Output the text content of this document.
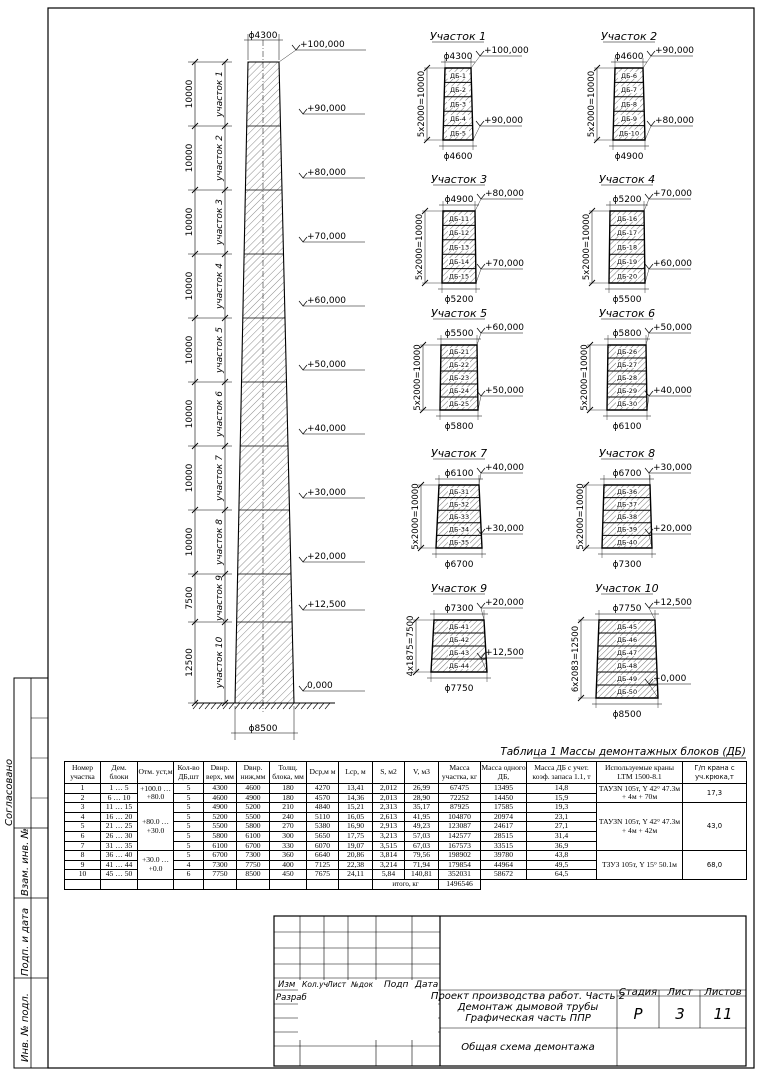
Согласовано
Взам. инв. №
Подп. и дата
Инв. № подл.
ϕ4300
ϕ8500
+100,000
+90,000
+80,000
+70,000
+60,000
+50,000
+40,000
+30,000
+20,000
+12,500
0,000
10000 участок 1
10000 участок 2
10000 участок 3
10000 участок 4
10000 участок 5
10000 участок 6
10000 участок 7
10000 участок 8
7500 участок 9
12500 участок 10
Участок 1
ϕ4300
ДБ-1
ДБ-2
ДБ-3
ДБ-4
ДБ-5
ϕ4600
5x2000=10000
+100,000
+90,000
Участок 2
ϕ4600
ДБ-6
ДБ-7
ДБ-8
ДБ-9
ДБ-10
ϕ4900
5x2000=10000
+90,000
+80,000
Участок 3
ϕ4900
ДБ-11
ДБ-12
ДБ-13
ДБ-14
ДБ-15
ϕ5200
5x2000=10000
+80,000
+70,000
Участок 4
ϕ5200
ДБ-16
ДБ-17
ДБ-18
ДБ-19
ДБ-20
ϕ5500
5x2000=10000
+70,000
+60,000
Участок 5
ϕ5500
ДБ-21
ДБ-22
ДБ-23
ДБ-24
ДБ-25
ϕ5800
5x2000=10000
+60,000
+50,000
Участок 6
ϕ5800
ДБ-26
ДБ-27
ДБ-28
ДБ-29
ДБ-30
ϕ6100
5x2000=10000
+50,000
+40,000
Участок 7
ϕ6100
ДБ-31
ДБ-32
ДБ-33
ДБ-34
ДБ-35
ϕ6700
5x2000=10000
+40,000
+30,000
Участок 8
ϕ6700
ДБ-36
ДБ-37
ДБ-38
ДБ-39
ДБ-40
ϕ7300
5x2000=10000
+30,000
+20,000
Участок 9
ϕ7300
ДБ-41
ДБ-42
ДБ-43
ДБ-44
ϕ7750
4x1875=7500
+20,000
+12,500
Участок 10
ϕ7750
ДБ-45
ДБ-46
ДБ-47
ДБ-48
ДБ-49
ДБ-50
ϕ8500
6x2083=12500
+12,500
+0,000
Таблица 1 Массы демонтажных блоков (ДБ)
Изм Кол.уч Лист №док Подп Дата
Разраб	Проект производства работ. Часть 2
Демонтаж дымовой трубы
Графическая часть ППР
Общая схема демонтажа
Стадия Лист Листов
Р 3 11
Номер участка	Дем. блоки	Отм. уст,м	Кол-во ДБ,шт	Dвнр. верх, мм	Dвнр. ниж,мм	Толщ. блока, мм	Dср,м м	Lср, м	S, м2	V, м3	Масса участка, кг	Масса одного ДБ,	Масса ДБ с учет. коэф. запаса 1.1, т	Используемые краны LTM 1500-8.1	Г/п крана с уч.крюка,т
1	1 … 5	+100.0 … +80.0	5	4300	4600	180	4270	13,41	2,012	26,99	67475	13495	14,8	ТАУЗN 105т, Y 42° 47.3м + 4м + 70м	17,3
2	6 … 10		5	4600	4900	180	4570	14,36	2,013	28,90	72252	14450	15,9		
3	11 … 15	+80.0 … +30.0	5	4900	5200	210	4840	15,21	2,313	35,17	87925	17585	19,3	ТАУЗN 105т, Y 42° 47.3м + 4м + 42м	43,0
4	16 … 20		5	5200	5500	240	5110	16,05	2,613	41,95	104870	20974	23,1		
5	21 … 25		5	5500	5800	270	5380	16,90	2,913	49,23	123087	24617	27,1		
6	26 … 30		5	5800	6100	300	5650	17,75	3,213	57,03	142577	28515	31,4		
7	31 … 35		5	6100	6700	330	6070	19,07	3,515	67,03	167573	33515	36,9		
8	36 … 40	+30.0 … +0.0	5	6700	7300	360	6640	20,86	3,814	79,56	198902	39780	43,8	ТЗУЗ 105т, Y 15° 50.1м	68,0
9	41 … 44		4	7300	7750	400	7125	22,38	3,214	71,94	179854	44964	49,5		
10	45 … 50		6	7750	8500	450	7675	24,11	5,84	140,81	352031	58672	64,5		
									итого, кг		1496546				
